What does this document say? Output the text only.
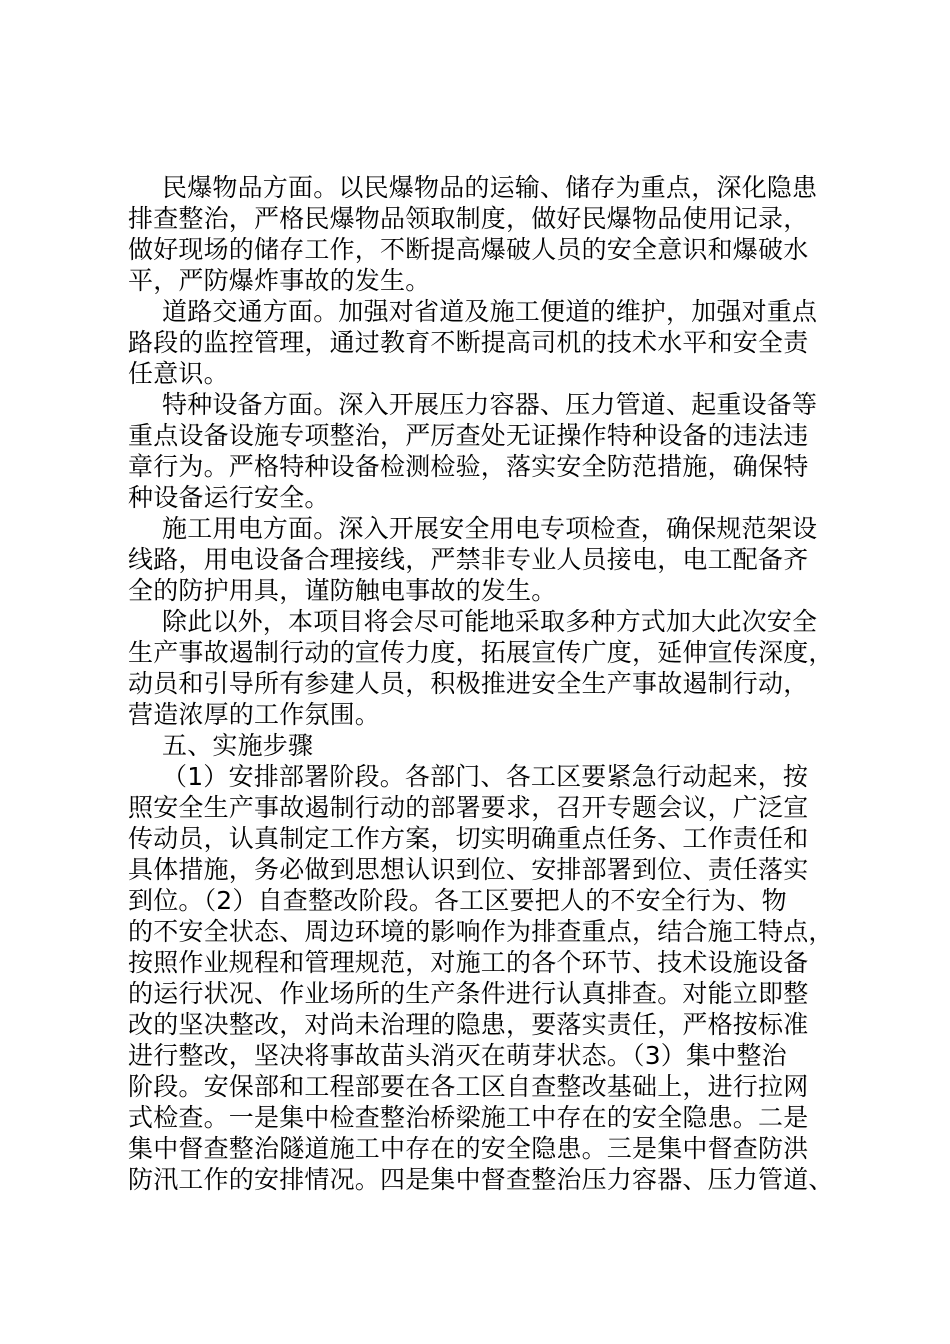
民爆物品方面。以民爆物品的运输、储存为重点，深化隐患
排查整治，严格民爆物品领取制度，做好民爆物品使用记录，
做好现场的储存工作，不断提高爆破人员的安全意识和爆破水
平，严防爆炸事故的发生。
道路交通方面。加强对省道及施工便道的维护，加强对重点
路段的监控管理，通过教育不断提高司机的技术水平和安全责
任意识。
特种设备方面。深入开展压力容器、压力管道、起重设备等
重点设备设施专项整治，严厉查处无证操作特种设备的违法违
章行为。严格特种设备检测检验，落实安全防范措施，确保特
种设备运行安全。
施工用电方面。深入开展安全用电专项检查，确保规范架设
线路，用电设备合理接线，严禁非专业人员接电，电工配备齐
全的防护用具，谨防触电事故的发生。
除此以外，本项目将会尽可能地采取多种方式加大此次安全
生产事故遏制行动的宣传力度，拓展宣传广度，延伸宣传深度，
动员和引导所有参建人员，积极推进安全生产事故遏制行动，
营造浓厚的工作氛围。
五、实施步骤
（1）安排部署阶段。各部门、各工区要紧急行动起来，按
照安全生产事故遏制行动的部署要求，召开专题会议，广泛宣
传动员，认真制定工作方案，切实明确重点任务、工作责任和
具体措施，务必做到思想认识到位、安排部署到位、责任落实
到位。（2）自查整改阶段。各工区要把人的不安全行为、物
的不安全状态、周边环境的影响作为排查重点，结合施工特点，
按照作业规程和管理规范，对施工的各个环节、技术设施设备
的运行状况、作业场所的生产条件进行认真排查。对能立即整
改的坚决整改，对尚未治理的隐患，要落实责任，严格按标准
进行整改，坚决将事故苗头消灭在萌芽状态。（3）集中整治
阶段。安保部和工程部要在各工区自查整改基础上，进行拉网
式检查。一是集中检查整治桥梁施工中存在的安全隐患。二是
集中督查整治隧道施工中存在的安全隐患。三是集中督查防洪
防汛工作的安排情况。四是集中督查整治压力容器、压力管道、
